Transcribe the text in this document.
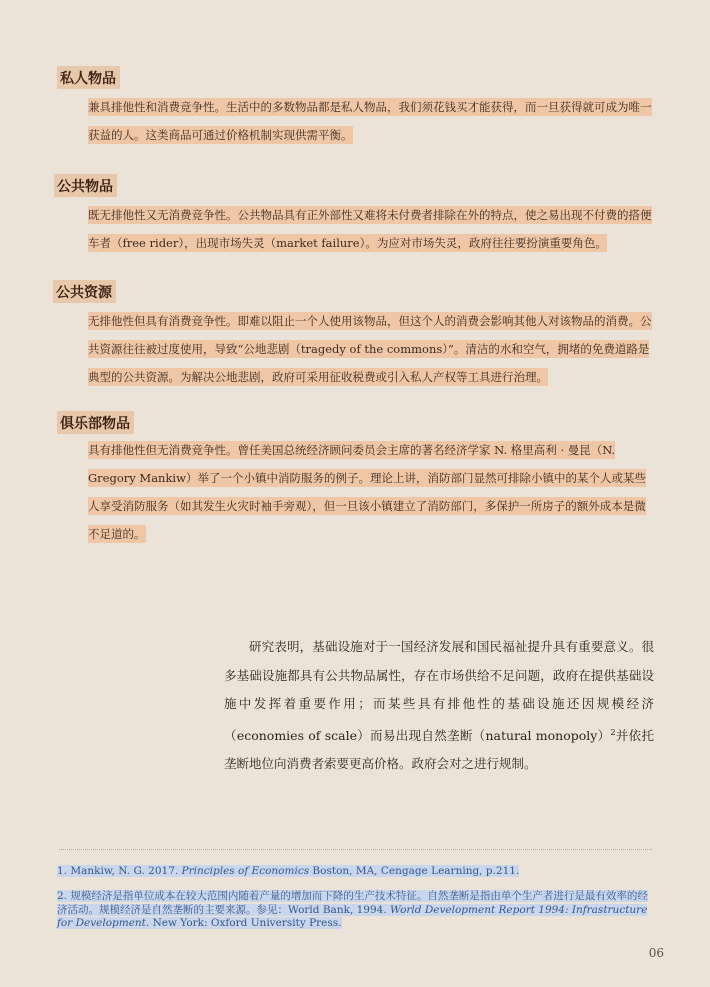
私人物品
兼具排他性和消费竞争性。生活中的多数物品都是私人物品，我们须花钱买才能获得，而一旦获得就可成为唯一获益的人。这类商品可通过价格机制实现供需平衡。
公共物品
既无排他性又无消费竞争性。公共物品具有正外部性又难将未付费者排除在外的特点，使之易出现不付费的搭便车者（free rider），出现市场失灵（market failure）。为应对市场失灵，政府往往要扮演重要角色。
公共资源
无排他性但具有消费竞争性。即难以阻止一个人使用该物品，但这个人的消费会影响其他人对该物品的消费。公共资源往往被过度使用，导致“公地悲剧（tragedy of the commons）”。清洁的水和空气，拥堵的免费道路是典型的公共资源。为解决公地悲剧，政府可采用征收税费或引入私人产权等工具进行治理。
俱乐部物品
具有排他性但无消费竞争性。曾任美国总统经济顾问委员会主席的著名经济学家 N. 格里高利 · 曼昆（N. Gregory Mankiw）举了一个小镇中消防服务的例子。理论上讲，消防部门显然可排除小镇中的某个人或某些人享受消防服务（如其发生火灾时袖手旁观），但一旦该小镇建立了消防部门，多保护一所房子的额外成本是微不足道的。

研究表明，基础设施对于一国经济发展和国民福祉提升具有重要意义。很多基础设施都具有公共物品属性，存在市场供给不足问题，政府在提供基础设施中发挥着重要作用；而某些具有排他性的基础设施还因规模经济（economies of scale）而易出现自然垄断（natural monopoly）$^2$并依托垄断地位向消费者索要更高价格。政府会对之进行规制。

1. Mankiw, N. G. 2017. Principles of Economics Boston, MA, Cengage Learning, p.211.
2. 规模经济是指单位成本在较大范围内随着产量的增加而下降的生产技术特征。自然垄断是指由单个生产者进行是最有效率的经济活动。规模经济是自然垄断的主要来源。参见：World Bank, 1994. World Development Report 1994: Infrastructure for Development. New York: Oxford University Press.
06
